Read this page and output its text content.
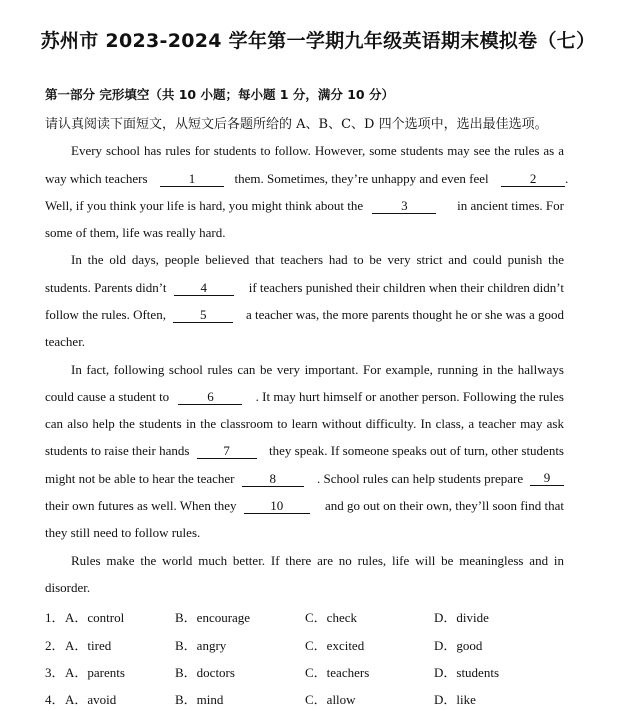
苏州市 2023-2024 学年第一学期九年级英语期末模拟卷（七）
第一部分 完形填空（共 10 小题；每小题 1 分，满分 10 分）
请认真阅读下面短文，从短文后各题所给的 A、B、C、D 四个选项中，选出最佳选项。
Every school has rules for students to follow. However, some students may see the rules as a
way which teachers	1	them. Sometimes, they’re unhappy and even feel	2 .
Well, if you think your life is hard, you might think about the	3	in ancient times. For
some of them, life was really hard.
In the old days, people believed that teachers had to be very strict and could punish the
students. Parents didn’t	4	if teachers punished their children when their children didn’t
follow the rules. Often,	5	a teacher was, the more parents thought he or she was a good
teacher.
In fact, following school rules can be very important. For example, running in the hallways
could cause a student to	6	. It may hurt himself or another person. Following the rules
can also help the students in the classroom to learn without difficulty. In class, a teacher may ask
students to raise their hands	7	they speak. If someone speaks out of turn, other students
might not be able to hear the teacher	8	. School rules can help students prepare	9
their own futures as well. When they	10	and go out on their own, they’ll soon find that
they still need to follow rules.
Rules make the world much better. If there are no rules, life will be meaningless and in
disorder.
1． A．control	B．encourage	C．check	D．divide
2． A．tired	B．angry	C．excited	D．good
3． A．parents	B．doctors	C．teachers	D．students
4． A．avoid	B．mind	C．allow	D．like
